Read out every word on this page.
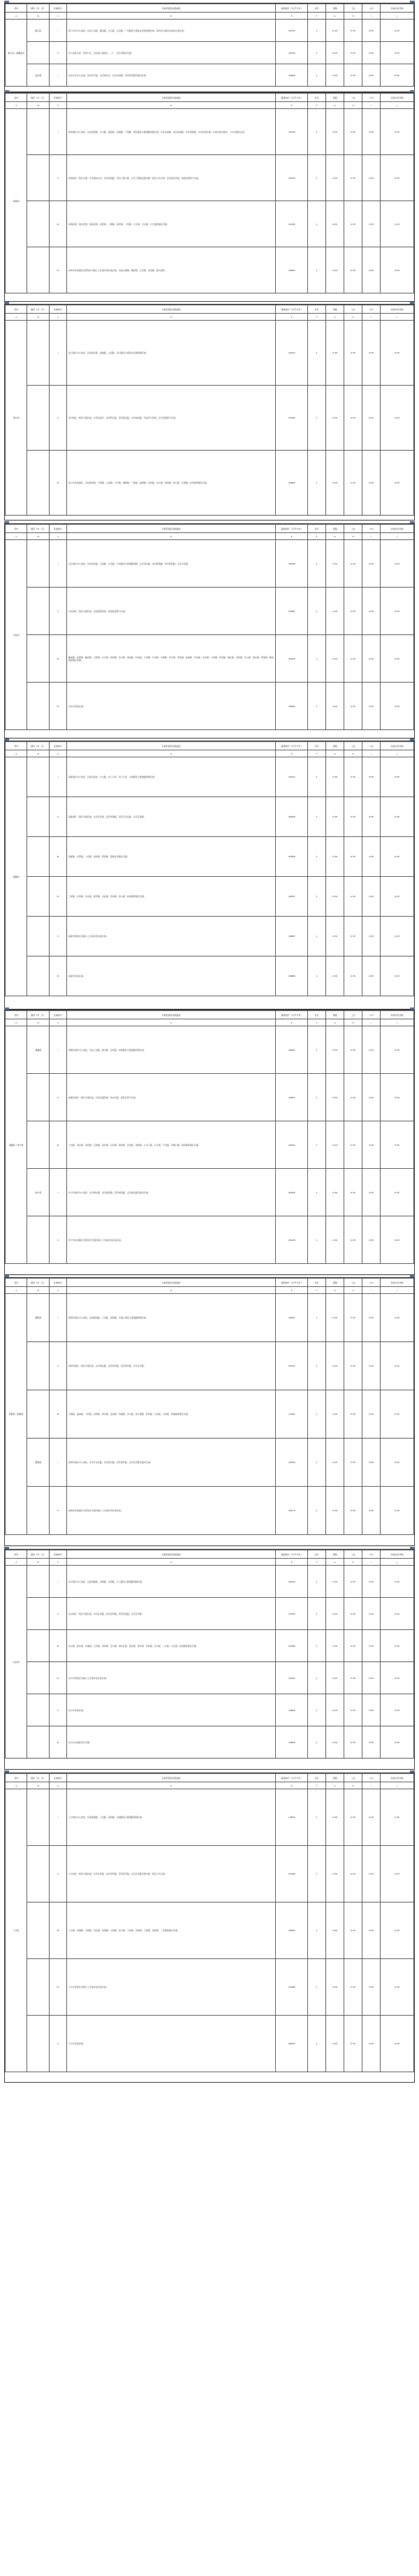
县市	镇县（市、区）	区域划分	区域范围及地段描述	基准地价（元/平方米）	住宅	商服	工业	公共	其他非农用地
A	B	C	D	E	F	G	H	I	J
海门区 / 南通市区	海门区	I	海门市区中心地段，包括人民路、解放路、长江路、北京路、广州路等主要商业街道两侧区域；城市综合服务功能较完备区域。	25722	1	0.39	0.33	0.25	0.25
		II	中心城区东部、西部片区，包括海门港新区、三厂、常乐等镇区范围。	24759	1	0.39	0.33	0.25	0.25
	启东县	I	启东市区中心区域，南至和平路，北至城北河，东至东郊路，西至西环路范围内区域。	27600	1	0.39	0.33	0.25	0.25
县市	镇县（市、区）	区域划分	区域范围及地段描述	基准地价（元/平方米）	住宅	商服	工业	公共	其他非农用地
A	B	C	D	E	F	G	H	I	J
如皋市		I	如皋城区中心地段，包括海阳路、中山路、福寿路、仙鹤路、宁海路、惠民路等主要道路两侧区域，东至益寿路，南至城南路，西至海阳路，北至如城北路。区域内商业服务、公共设施较完善。	19706	1	0.39	0.33	0.25	0.25
		II	如皋城区一级区外围，东至通扬运河，南至城南路，西至宁通公路，北至大明路范围内除一级区以外区域；包括城北街道、城南街道部分区域。	22076	1	0.39	0.33	0.25	0.25
		III	如城街道、城北街道、城南街道、东陈镇、丁堰镇、林梓镇、下原镇、九华镇、石庄镇、长江镇等镇区范围。	21185	1	0.39	0.33	0.25	0.25
		IV	如皋市其他镇区及规划区内除以上区域外的其他区域，包括白蒲镇、搬经镇、江安镇、吴窑镇、磨头镇等。	19025	1	0.39	0.33	0.25	0.25
县市	镇县（市、区）	区域划分	区域范围及地段描述	基准地价（元/平方米）	住宅	商服	工业	公共	其他非农用地
A	B	C	D	E	F	G	H	I	J
泰兴市		I	泰兴城区中心地段，包括国庆路、鼓楼路、文昌路、济川路等主要商业街道两侧区域。	24070	1	0.39	0.33	0.25	0.25
		II	泰兴城区一级区外围区域，东至羌溪河，南至阳江路，西至银杏路，北至城北路，包括济川街道、延令街道部分区域。	21365	1	0.39	0.33	0.25	0.25
		III	泰兴市其他镇区，包括黄桥镇、分界镇、古溪镇、元竹镇、珊瑚镇、广陵镇、曲霞镇、张桥镇、河失镇、新街镇、姚王镇、宣堡镇、虹桥镇等镇区范围。	20894	1	0.39	0.33	0.25	0.25
县市	镇县（市、区）	区域划分	区域范围及地段描述	基准地价（元/平方米）	住宅	商服	工业	公共	其他非农用地
A	B	C	D	E	F	G	H	I	J
兴化市		I	兴化城区中心地段，包括英武路、五里路、长安路、丰收路等主要道路两侧，东至英武路，南至牌楼路，西至昭阳路，北至丰收路。	18108	1	0.39	0.33	0.25	0.25
		II	兴化城区一级区外围区域，包括昭阳街道、临城街道部分区域。	22987	1	0.39	0.33	0.25	0.25
		III	戴南镇、张郭镇、戴窑镇、合陈镇、永丰镇、新垛镇、安丰镇、海南镇、钓鱼镇、大邹镇、沙沟镇、中堡镇、李中镇、西郊镇、临城镇、竹泓镇、沈伦镇、大垛镇、荻垛镇、陶庄镇、昌荣镇、茅山镇、周庄镇、陈堡镇、戴南镇等镇区范围。	22078	1	0.39	0.33	0.25	0.25
		IV	兴化市其他区域。	19944	1	0.39	0.33	0.25	0.25
县市	镇县（市、区）	区域划分	区域范围及地段描述	基准地价（元/平方米）	住宅	商服	工业	公共	其他非农用地
A	B	C	D	E	F	G	H	I	J
高邮市		I	高邮城区中心地段，包括府前街、中山路、北门大街、南门大街、文游路等主要道路两侧区域。	19744	1	0.39	0.33	0.25	0.25
		II	高邮城区一级区外围区域，东至东环路，南至屏淮路，西至运河东路，北至北海路。	20448	1	0.39	0.33	0.25	0.25
		III	高邮镇、车逻镇、八桥镇、送桥镇、郭集镇、菱塘乡等镇区范围。	22346	1	0.39	0.33	0.25	0.25
		IV	三垛镇、甘垛镇、汤庄镇、卸甲镇、龙虬镇、界首镇、周山镇、临泽镇等镇区范围。	20031	1	0.39	0.33	0.25	0.25
		V	高邮市规划区内除以上区域外的其他区域。	18845	1	0.39	0.33	0.25	0.25
		VI	高邮市其他区域。	16888	1	0.39	0.33	0.25	0.25
县市	镇县（市、区）	区域划分	区域范围及地段描述	基准地价（元/平方米）	住宅	商服	工业	公共	其他非农用地
A	B	C	D	E	F	G	H	I	J
建湖县 / 阜宁县	建湖县	I	建湖县城区中心地段，包括人民路、湖中路、冠华路、向阳路等主要道路两侧区域。	26093	1	0.39	0.33	0.25	0.25
		II	建湖县城区一级区外围区域，包括近湖街道、钟庄街道、高新区部分区域。	24657	1	0.39	0.33	0.25	0.25
		III	上冈镇、冈东镇、冈西镇、宝塔镇、高作镇、沿河镇、颜单镇、恒济镇、建阳镇、九龙口镇、庆丰镇、芦沟镇、草堰口镇、蒋营镇等镇区范围。	22403	1	0.39	0.33	0.25	0.25
	阜宁县	I	阜宁县城区中心地段，东至城东路，南至城南路，西至城西路，北至城北路范围内区域。	25006	1	0.39	0.33	0.25	0.25
		II	阜宁县其他镇区及规划区范围内除以上区域外的其他区域。	20106	1	0.39	0.33	0.25	0.25
县市	镇县（市、区）	区域划分	区域范围及地段描述	基准地价（元/平方米）	住宅	商服	工业	公共	其他非农用地
A	B	C	D	E	F	G	H	I	J
射阳县 / 滨海县	射阳县	I	射阳县城区中心地段，包括解放路、人民路、振阳路、幸福大道等主要道路两侧区域。	18415	1	0.39	0.33	0.25	0.25
		II	射阳县城区一级区外围区域，东至城东路，南至南环路，西至西环路，北至北环路。	21525	1	0.39	0.33	0.25	0.25
		III	合德镇、临海镇、千秋镇、四明镇、海河镇、盘湾镇、特庸镇、洋马镇、黄沙港镇、新坍镇、长荡镇、兴桥镇、海通镇等镇区范围。	17044	1	0.39	0.33	0.25	0.25
	滨海县	I	滨海县城区中心地段，东至开发区路，南至黄河路，西至南环路，北至北环路范围内区域。	22590	1	0.39	0.33	0.25	0.25
		II	滨海县其他镇区及规划区范围内除以上区域外的其他区域。	20174	1	0.39	0.33	0.25	0.25
县市	镇县（市、区）	区域划分	区域范围及地段描述	基准地价（元/平方米）	住宅	商服	工业	公共	其他非农用地
A	B	C	D	E	F	G	H	I	J
东台市		I	东台城区中心地段，包括海陵路、望海路、北海路、红兰路等主要道路两侧区域。	18749	1	0.39	0.33	0.25	0.25
		II	东台城区一级区外围区域，东至东亭路，南至南环路，西至西溪路，北至北环路。	17409	1	0.39	0.33	0.25	0.25
		III	东台镇、溱东镇、时堰镇、五烈镇、梁垛镇、安丰镇、南沈灶镇、富安镇、唐洋镇、新街镇、许河镇、三仓镇、头灶镇、弶港镇等镇区范围。	22368	1	0.39	0.33	0.25	0.25
		IV	东台市规划区内除以上区域外的其他区域。	21444	1	0.39	0.33	0.25	0.25
		V	东台市其他区域。	19826	1	0.39	0.33	0.25	0.25
		VI	东台市沿海经济区范围。	15836	1	0.39	0.33	0.25	0.25
县市	镇县（市、区）	区域划分	区域范围及地段描述	基准地价（元/平方米）	住宅	商服	工业	公共	其他非农用地
A	B	C	D	E	F	G	H	I	J
大丰区		I	大丰城区中心地段，包括健康路、人民路、常新路、幸福路等主要道路两侧区域。	17603	1	0.39	0.33	0.25	0.25
		II	大丰城区一级区外围区域，东至东环路，南至南环路，西至西环路，北至北环路范围内除一级区以外区域。	21468	1	0.39	0.33	0.25	0.25
		III	大中镇、草堰镇、白驹镇、刘庄镇、西团镇、小海镇、新丰镇、大桥镇、草庙镇、万盈镇、南阳镇、三龙镇等镇区范围。	20800	1	0.39	0.33	0.25	0.25
		IV	大丰区规划区内除以上区域外的其他区域。	21088	1	0.39	0.33	0.25	0.25
		V	大丰区其他区域。	26075	1	0.39	0.33	0.25	0.25
